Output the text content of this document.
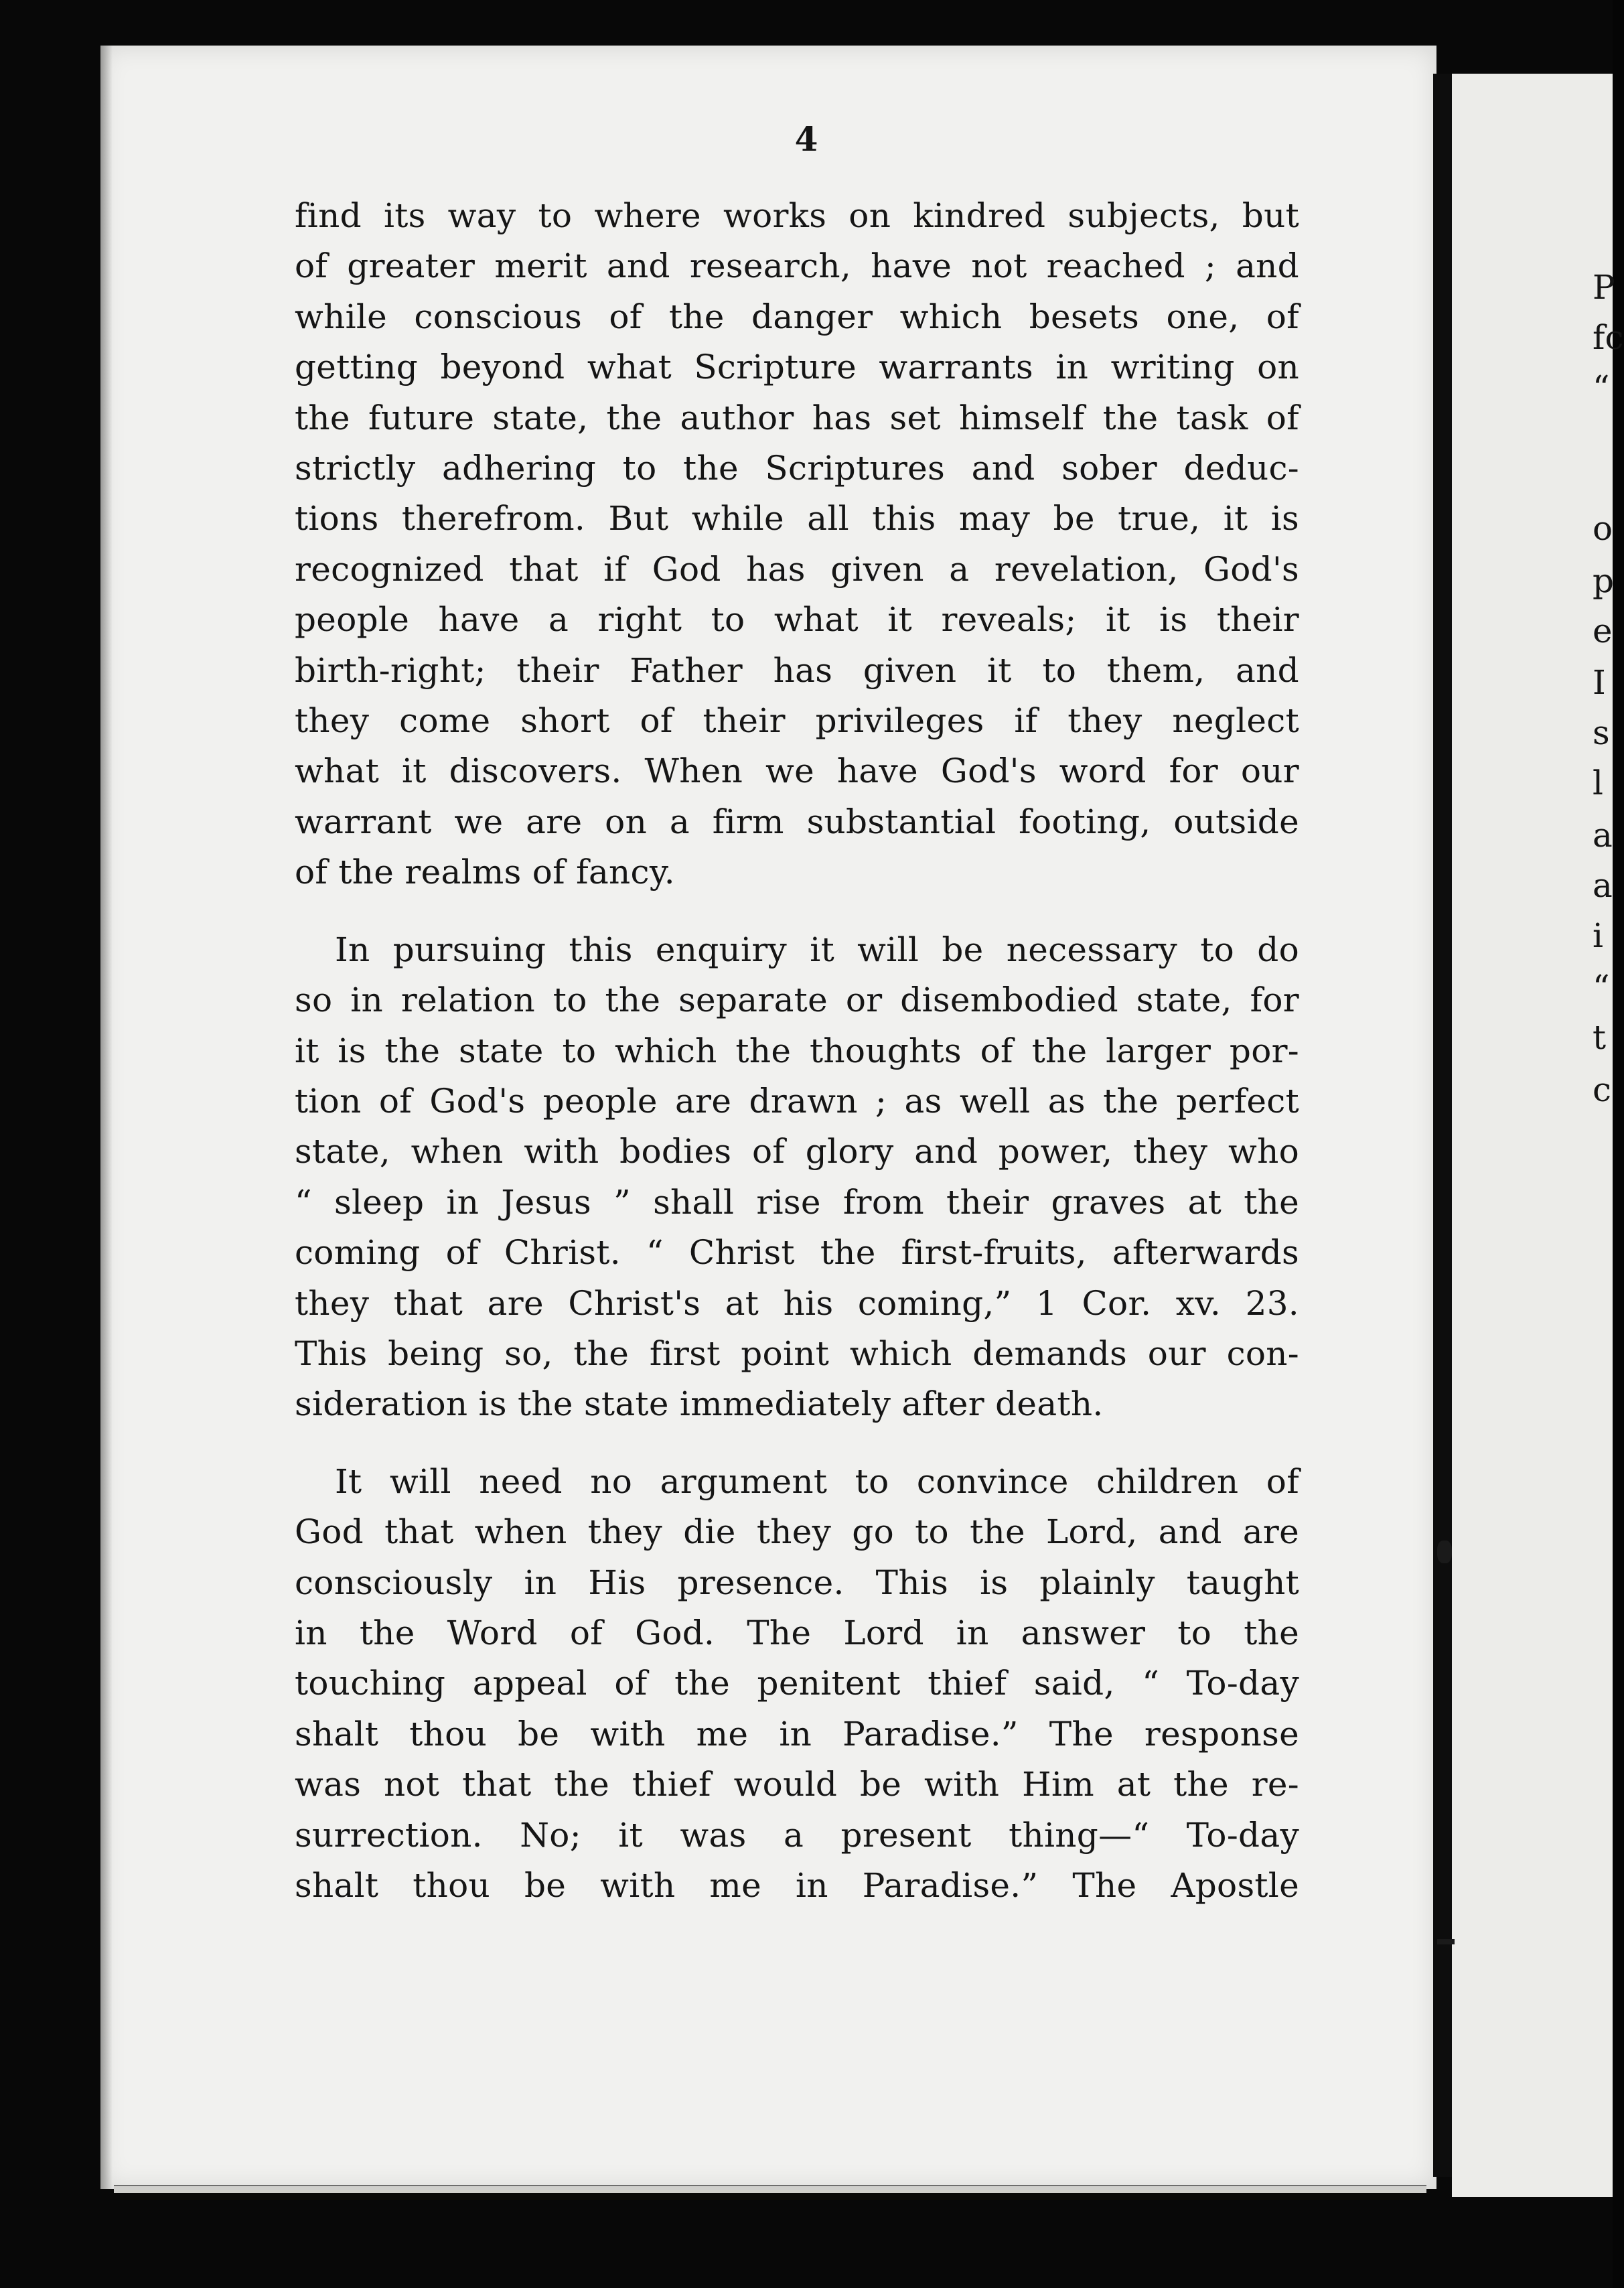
P
fc
“
o
p
e
I
s
l
a
a
i
“
t
c
4
find its way to where works on kindred subjects, but
of greater merit and research, have not reached ; and
while conscious of the danger which besets one, of
getting beyond what Scripture warrants in writing on
the future state, the author has set himself the task of
strictly adhering to the Scriptures and sober deduc-
tions therefrom. But while all this may be true, it is
recognized that if God has given a revelation, God's
people have a right to what it reveals; it is their
birth-right; their Father has given it to them, and
they come short of their privileges if they neglect
what it discovers. When we have God's word for our
warrant we are on a firm substantial footing, outside
of the realms of fancy.
In pursuing this enquiry it will be necessary to do
so in relation to the separate or disembodied state, for
it is the state to which the thoughts of the larger por-
tion of God's people are drawn ; as well as the perfect
state, when with bodies of glory and power, they who
“ sleep in Jesus ” shall rise from their graves at the
coming of Christ. “ Christ the first-fruits, afterwards
they that are Christ's at his coming,” 1 Cor. xv. 23.
This being so, the first point which demands our con-
sideration is the state immediately after death.
It will need no argument to convince children of
God that when they die they go to the Lord, and are
consciously in His presence. This is plainly taught
in the Word of God. The Lord in answer to the
touching appeal of the penitent thief said, “ To-day
shalt thou be with me in Paradise.” The response
was not that the thief would be with Him at the re-
surrection. No; it was a present thing—“ To-day
shalt thou be with me in Paradise.” The Apostle
